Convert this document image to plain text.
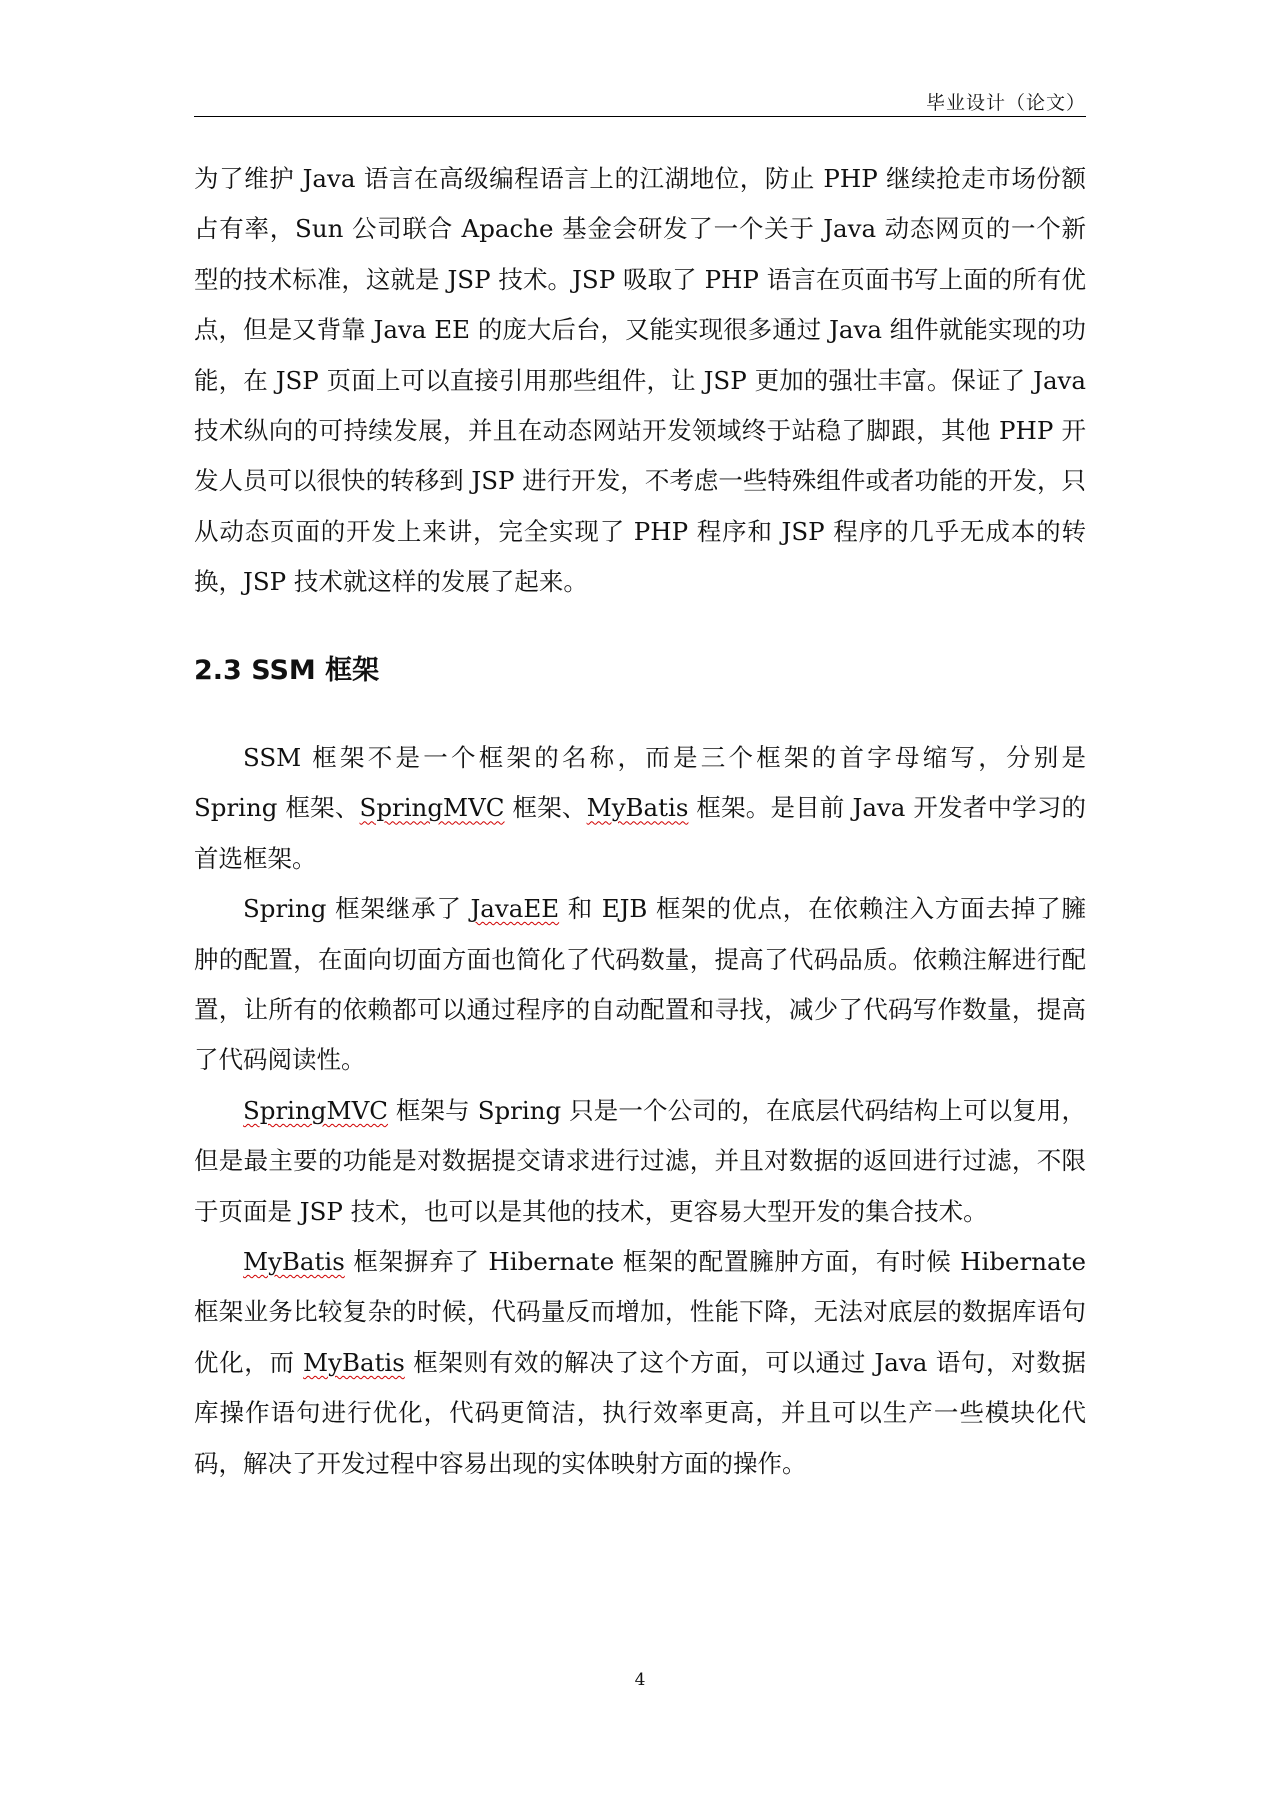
毕业设计（论文）

为了维护 Java 语言在高级编程语言上的江湖地位，防止 PHP 继续抢走市场份额占有率，Sun 公司联合 Apache 基金会研发了一个关于 Java 动态网页的一个新型的技术标准，这就是 JSP 技术。JSP 吸取了 PHP 语言在页面书写上面的所有优点，但是又背靠 Java EE 的庞大后台，又能实现很多通过 Java 组件就能实现的功能，在 JSP 页面上可以直接引用那些组件，让 JSP 更加的强壮丰富。保证了 Java 技术纵向的可持续发展，并且在动态网站开发领域终于站稳了脚跟，其他 PHP 开发人员可以很快的转移到 JSP 进行开发，不考虑一些特殊组件或者功能的开发，只从动态页面的开发上来讲，完全实现了 PHP 程序和 JSP 程序的几乎无成本的转换，JSP 技术就这样的发展了起来。

2.3 SSM 框架

SSM 框架不是一个框架的名称，而是三个框架的首字母缩写，分别是 Spring 框架、SpringMVC 框架、MyBatis 框架。是目前 Java 开发者中学习的首选框架。

Spring 框架继承了 JavaEE 和 EJB 框架的优点，在依赖注入方面去掉了臃肿的配置，在面向切面方面也简化了代码数量，提高了代码品质。依赖注解进行配置，让所有的依赖都可以通过程序的自动配置和寻找，减少了代码写作数量，提高了代码阅读性。

SpringMVC 框架与 Spring 只是一个公司的，在底层代码结构上可以复用，但是最主要的功能是对数据提交请求进行过滤，并且对数据的返回进行过滤，不限于页面是 JSP 技术，也可以是其他的技术，更容易大型开发的集合技术。

MyBatis 框架摒弃了 Hibernate 框架的配置臃肿方面，有时候 Hibernate 框架业务比较复杂的时候，代码量反而增加，性能下降，无法对底层的数据库语句优化，而 MyBatis 框架则有效的解决了这个方面，可以通过 Java 语句，对数据库操作语句进行优化，代码更简洁，执行效率更高，并且可以生产一些模块化代码，解决了开发过程中容易出现的实体映射方面的操作。

4
